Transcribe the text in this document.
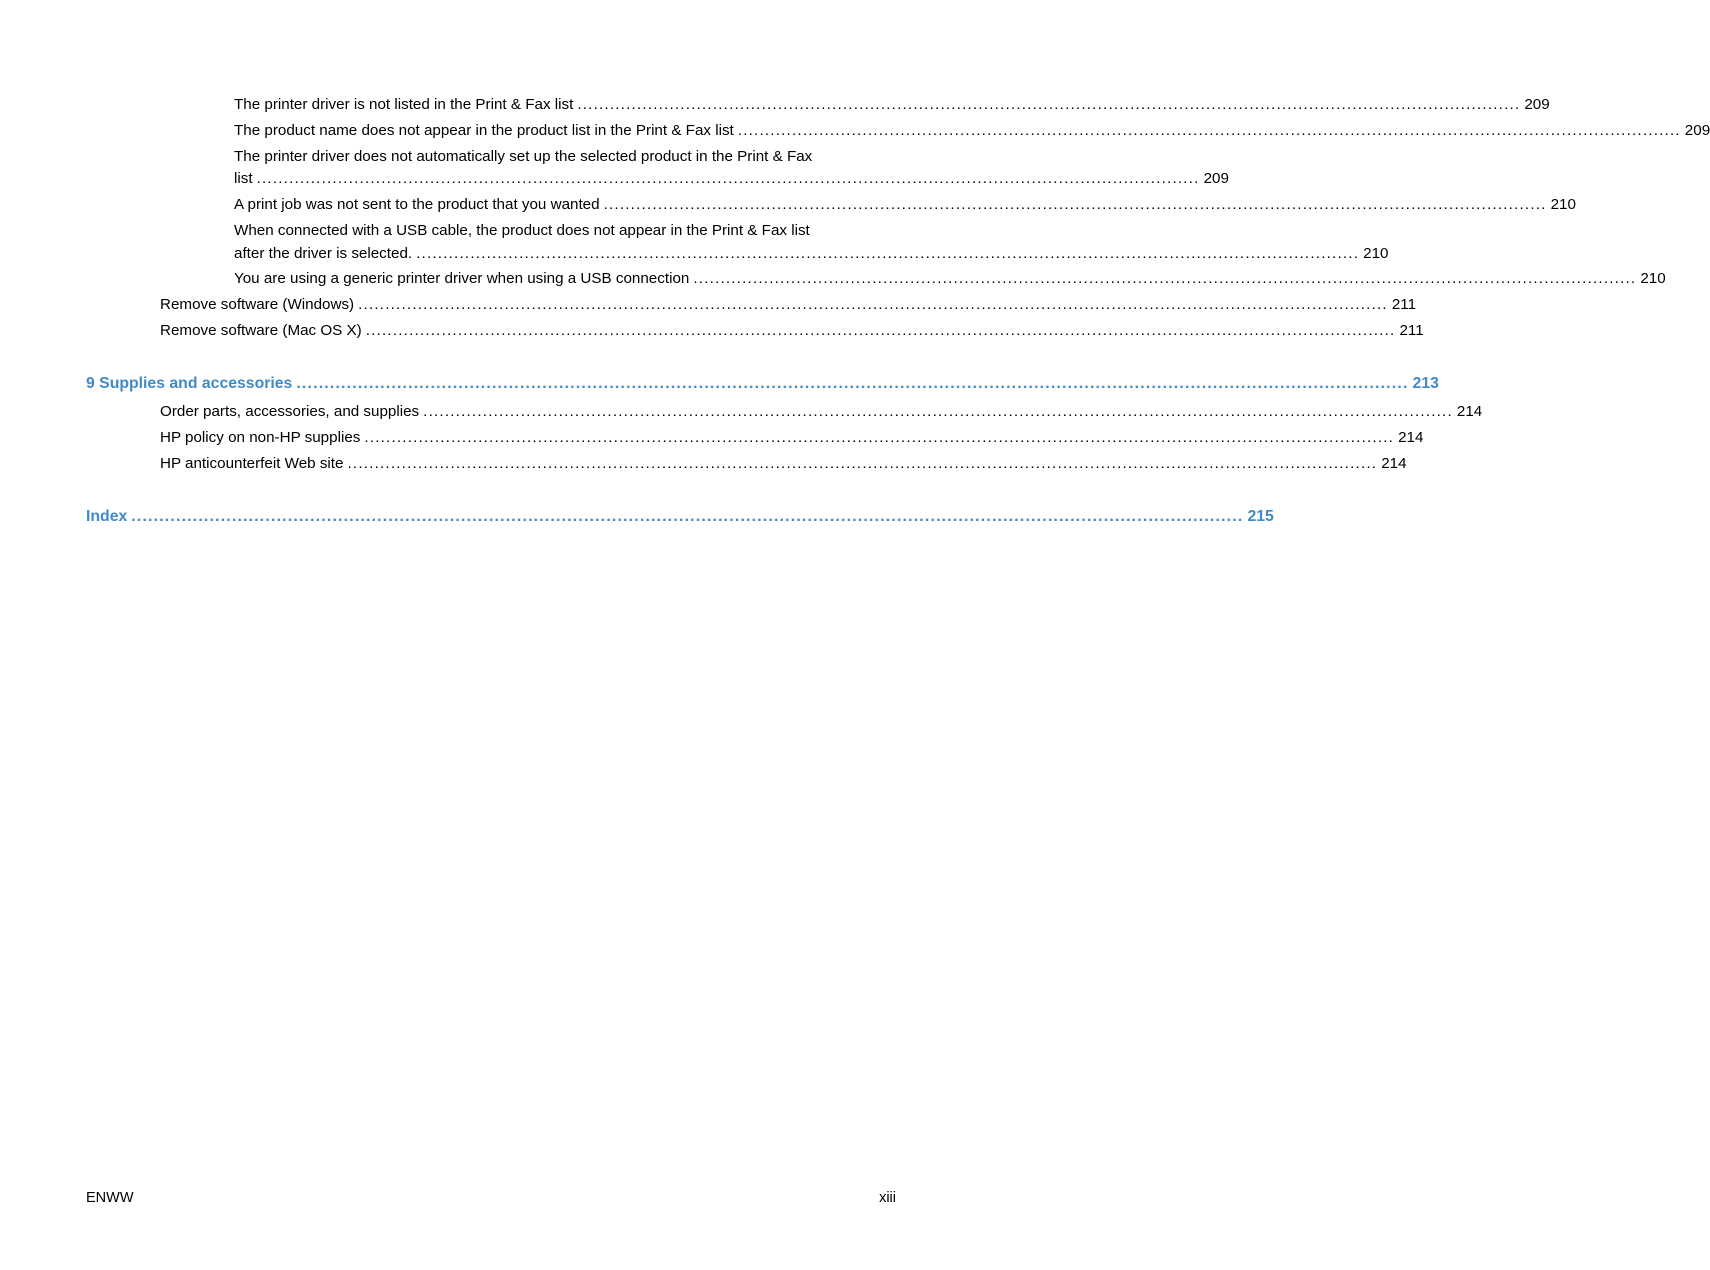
The printer driver is not listed in the Print & Fax list .............................................................................................................................................................................. 209
The product name does not appear in the product list in the Print & Fax list .............................................................................................................................................................................. 209
The printer driver does not automatically set up the selected product in the Print & Fax
list .............................................................................................................................................................................. 209
A print job was not sent to the product that you wanted .............................................................................................................................................................................. 210
When connected with a USB cable, the product does not appear in the Print & Fax list
after the driver is selected. .............................................................................................................................................................................. 210
You are using a generic printer driver when using a USB connection .............................................................................................................................................................................. 210
Remove software (Windows) .............................................................................................................................................................................................. 211
Remove software (Mac OS X) .............................................................................................................................................................................................. 211
9 Supplies and accessories ....................................................................................................................................................................................................... 213
Order parts, accessories, and supplies .............................................................................................................................................................................................. 214
HP policy on non-HP supplies .............................................................................................................................................................................................. 214
HP anticounterfeit Web site .............................................................................................................................................................................................. 214
Index ....................................................................................................................................................................................................... 215
ENWW	xiii
